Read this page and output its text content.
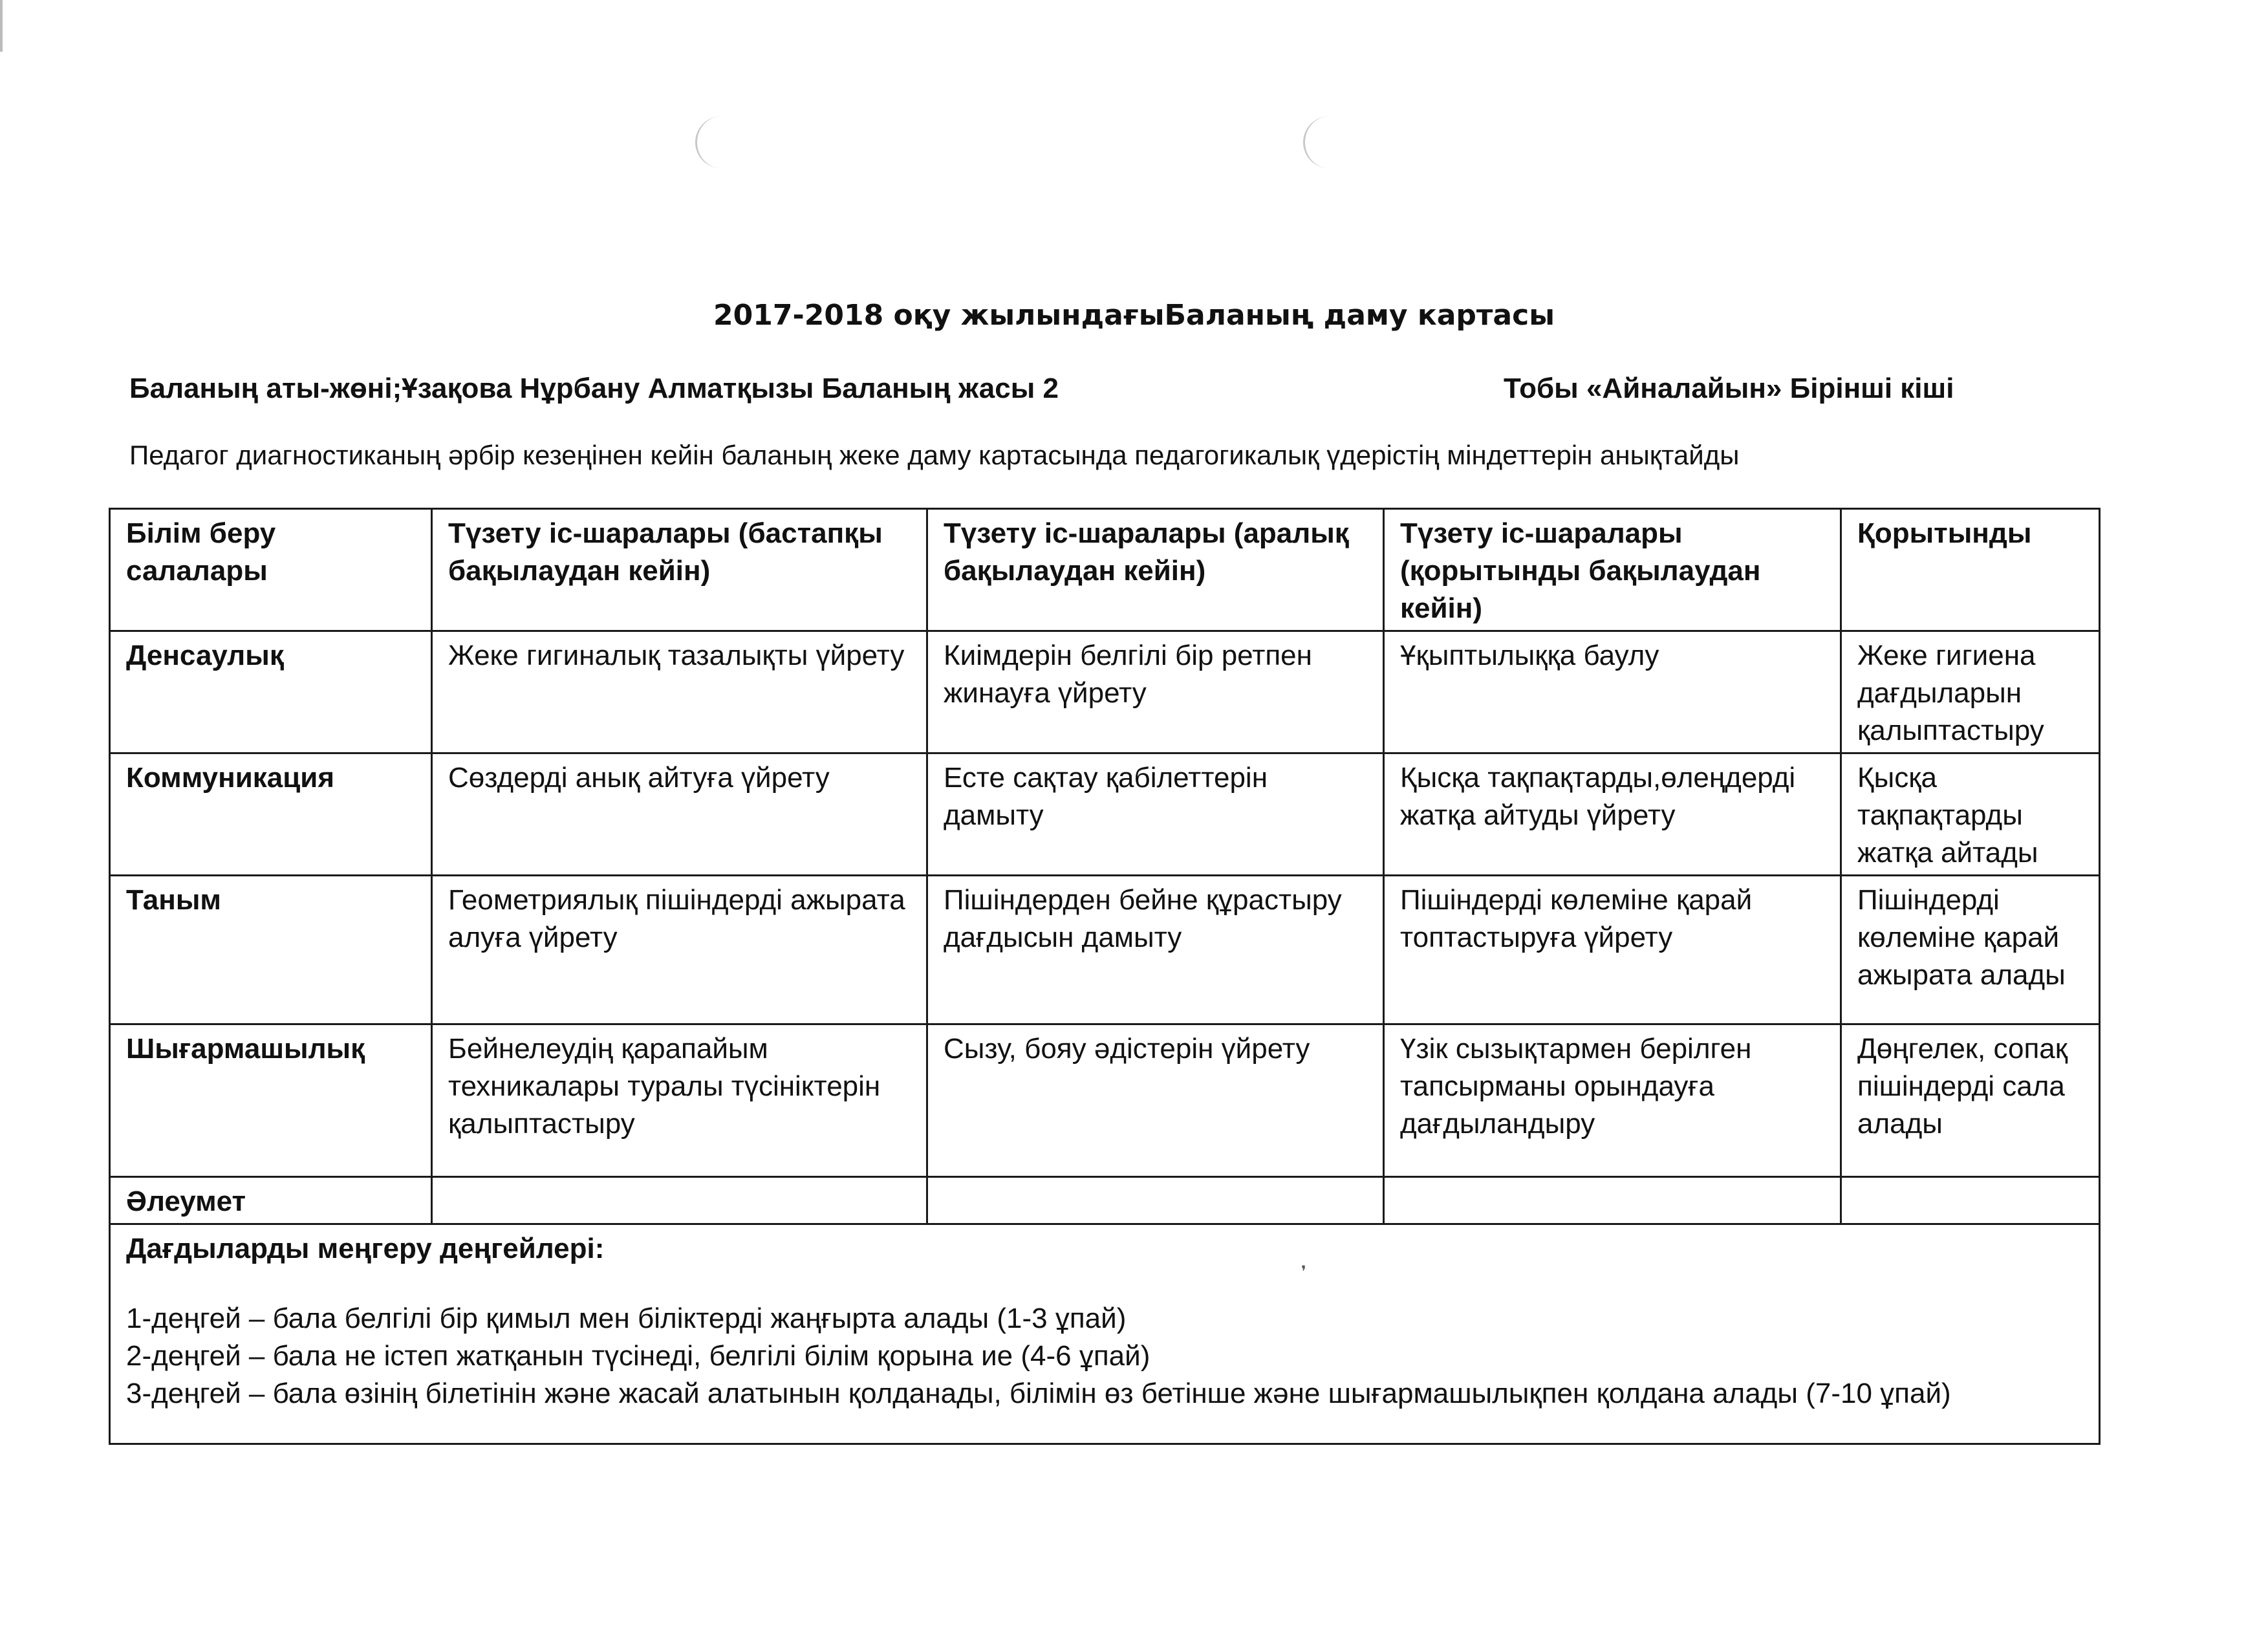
2017-2018 оқу жылындағыБаланың даму картасы
Баланың аты-жөні;Ұзақова Нұрбану Алматқызы Баланың жасы 2	Тобы «Айналайын» Бірінші кіші
Педагог диагностиканың әрбір кезеңінен кейін баланың жеке даму картасында педагогикалық үдерістің міндеттерін анықтайды
Білім беру салалары	Түзету іс-шаралары (бастапқы бақылаудан кейін)	Түзету іс-шаралары (аралық бақылаудан кейін)	Түзету іс-шаралары (қорытынды бақылаудан кейін)	Қорытынды
Денсаулық	Жеке гигиналық тазалықты үйрету	Киімдерін белгілі бір ретпен жинауға үйрету	Ұқыптылыққа баулу	Жеке гигиена дағдыларын қалыптастыру
Коммуникация	Сөздерді анық айтуға үйрету	Есте сақтау қабілеттерін дамыту	Қысқа тақпақтарды,өлеңдерді жатқа айтуды үйрету	Қысқа тақпақтарды жатқа айтады
Таным	Геометриялық пішіндерді ажырата алуға үйрету	Пішіндерден бейне құрастыру дағдысын дамыту	Пішіндерді көлеміне қарай топтастыруға үйрету	Пішіндерді көлеміне қарай ажырата алады
Шығармашылық	Бейнелеудің қарапайым техникалары туралы түсініктерін қалыптастыру	Сызу, бояу әдістерін үйрету	Үзік сызықтармен берілген тапсырманы орындауға дағдыландыру	Дөңгелек, сопақ пішіндерді сала алады
Әлеумет				

Дағдыларды меңгеру деңгейлері:
1-деңгей – бала белгілі бір қимыл мен біліктерді жаңғырта алады (1-3 ұпай)
2-деңгей – бала не істеп жатқанын түсінеді, белгілі білім қорына ие (4-6 ұпай)
3-деңгей – бала өзінің білетінін және жасай алатынын қолданады, білімін өз бетінше және шығармашылықпен қолдана алады (7-10 ұпай)				
❜
